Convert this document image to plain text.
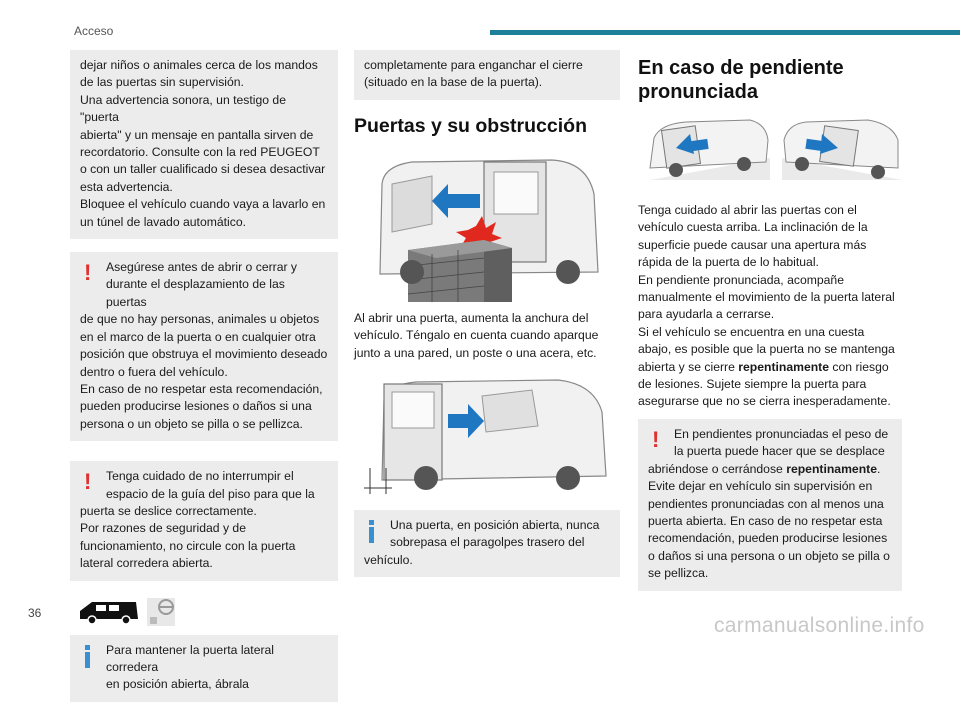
Acceso

dejar niños o animales cerca de los mandos
de las puertas sin supervisión.
Una advertencia sonora, un testigo de "puerta
abierta" y un mensaje en pantalla sirven de
recordatorio. Consulte con la red PEUGEOT
o con un taller cualificado si desea desactivar
esta advertencia.
Bloquee el vehículo cuando vaya a lavarlo en
un túnel de lavado automático.

!	Asegúrese antes de abrir o cerrar y
durante el desplazamiento de las puertas

de que no hay personas, animales u objetos
en el marco de la puerta o en cualquier otra
posición que obstruya el movimiento deseado
dentro o fuera del vehículo.
En caso de no respetar esta recomendación,
pueden producirse lesiones o daños si una
persona o un objeto se pilla o se pellizca.

!	Tenga cuidado de no interrumpir el
espacio de la guía del piso para que la

puerta se deslice correctamente.
Por razones de seguridad y de
funcionamiento, no circule con la puerta
lateral corredera abierta.

Para mantener la puerta lateral corredera
en posición abierta, ábrala

completamente para enganchar el cierre
(situado en la base de la puerta).

Puertas y su obstrucción

Al abrir una puerta, aumenta la anchura del
vehículo. Téngalo en cuenta cuando aparque
junto a una pared, un poste o una acera, etc.

Una puerta, en posición abierta, nunca
sobrepasa el paragolpes trasero del

vehículo.

En caso de pendiente
pronunciada

Tenga cuidado al abrir las puertas con el
vehículo cuesta arriba. La inclinación de la
superficie puede causar una apertura más
rápida de la puerta de lo habitual.
En pendiente pronunciada, acompañe
manualmente el movimiento de la puerta lateral
para ayudarla a cerrarse.
Si el vehículo se encuentra en una cuesta
abajo, es posible que la puerta no se mantenga
abierta y se cierre repentinamente con riesgo
de lesiones. Sujete siempre la puerta para
asegurarse que no se cierra inesperadamente.

!	En pendientes pronunciadas el peso de
la puerta puede hacer que se desplace

abriéndose o cerrándose repentinamente.
Evite dejar en vehículo sin supervisión en
pendientes pronunciadas con al menos una
puerta abierta. En caso de no respetar esta
recomendación, pueden producirse lesiones
o daños si una persona o un objeto se pilla o
se pellizca.

36
carmanualsonline.info
